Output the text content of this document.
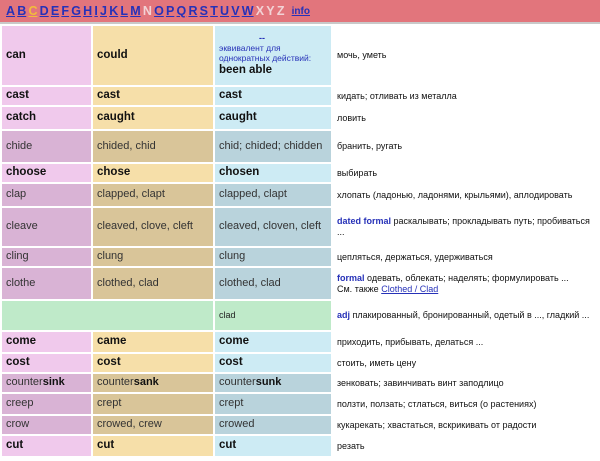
A B C D E F G H I J K L M N O P Q R S T U V W X Y Z info
can	could	--
эквивалент для однократных действий:
been able	мочь, уметь
cast	cast	cast	кидать; отливать из металла
catch	caught	caught	ловить
chide	chided, chid	chid; chided; chidden	бранить, ругать
choose	chose	chosen	выбирать
clap	clapped, clapt	clapped, clapt	хлопать (ладонью, ладонями, крыльями), аплодировать
cleave	cleaved, clove, cleft	cleaved, cloven, cleft	dated formal раскалывать; прокладывать путь; пробиваться ...
cling	clung	clung	цепляться, держаться, удерживаться
clothe	clothed, clad	clothed, clad	formal одевать, облекать; наделять; формулировать ...
См. также Clothed / Clad
		clad	adj плакированный, бронированный, одетый в ..., гладкий ...
come	came	come	приходить, прибывать, делаться ...
cost	cost	cost	стоить, иметь цену
countersink	countersank	countersunk	зенковать; завинчивать винт заподлицо
creep	crept	crept	ползти, ползать; стлаться, виться (о растениях)
crow	crowed, crew	crowed	кукарекать; хвастаться, вскрикивать от радости
cut	cut	cut	резать
